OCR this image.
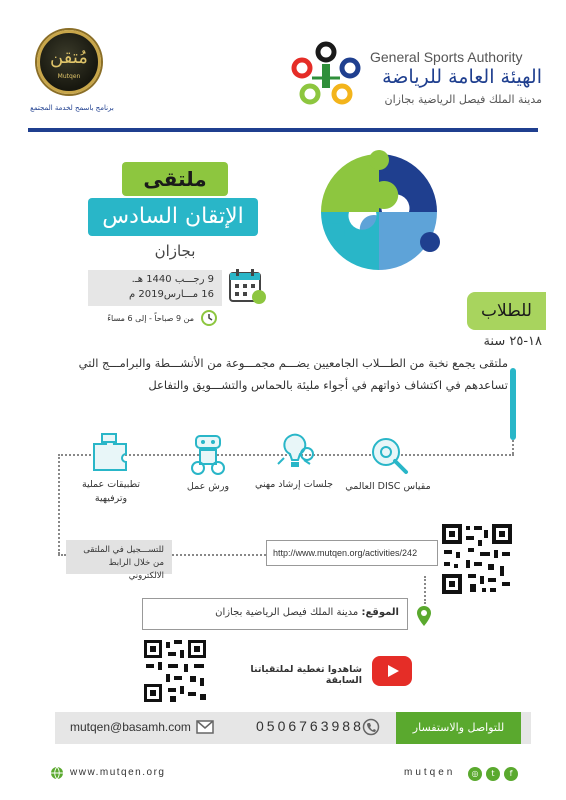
مُتقن
Mutqen
برنامج باسمح لخدمة المجتمع
General Sports Authority
الهيئة العامة للرياضة
مدينة الملك فيصل الرياضية بجازان
ملتقى
الإتقان السادس
بجازان
9 رجـــب 1440 هـ.
16 مـــارس2019 م
من 9 صباحاً - إلى 6 مساءً	للطلاب
١٨-٢٥ سنة
ملتقى يجمع نخبة من الطـــلاب الجامعيين يضـــم مجمـــوعة من الأنشـــطة والبرامـــج التي تساعدهم في اكتشاف ذواتهم في أجواء مليئة بالحماس والتشـــويق والتفاعل
مقياس DISC العالمي
جلسات إرشاد مهني
ورش عمل
تطبيقات عملية وترفيهية
للتســـجيل في الملتقى
من خلال الرابط الالكتروني
http://www.mutqen.org/activities/242
الموقع: مدينة الملك فيصل الرياضية بجازان
شاهدوا تغطية لملتقياتنا السابقة
للتواصل والاستفسار
mutqen@basamh.com	0506763988
www.mutqen.org	mutqen	◎	t	f
